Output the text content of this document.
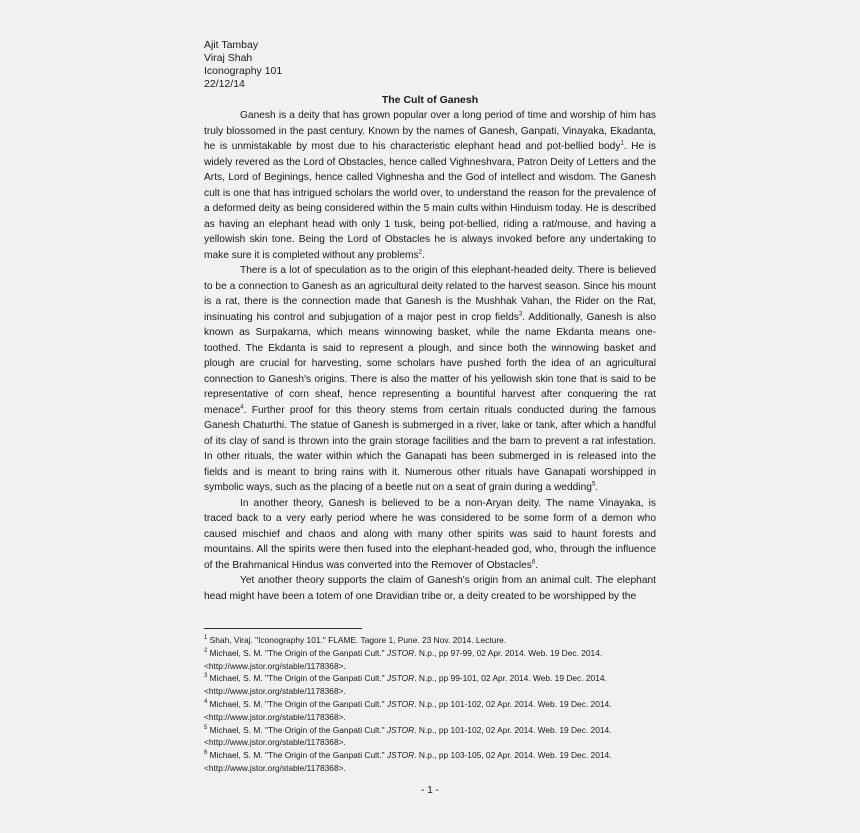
Ajit Tambay
Viraj Shah
Iconography 101
22/12/14
The Cult of Ganesh

Ganesh is a deity that has grown popular over a long period of time and worship of him has truly blossomed in the past century. Known by the names of Ganesh, Ganpati, Vinayaka, Ekadanta, he is unmistakable by most due to his characteristic elephant head and pot-bellied body$^1$. He is widely revered as the Lord of Obstacles, hence called Vighneshvara, Patron Deity of Letters and the Arts, Lord of Beginings, hence called Vighnesha and the God of intellect and wisdom. The Ganesh cult is one that has intrigued scholars the world over, to understand the reason for the prevalence of a deformed deity as being considered within the 5 main cults within Hinduism today. He is described as having an elephant head with only 1 tusk, being pot-bellied, riding a rat/mouse, and having a yellowish skin tone. Being the Lord of Obstacles he is always invoked before any undertaking to make sure it is completed without any problems$^2$.

There is a lot of speculation as to the origin of this elephant-headed deity. There is believed to be a connection to Ganesh as an agricultural deity related to the harvest season. Since his mount is a rat, there is the connection made that Ganesh is the Mushhak Vahan, the Rider on the Rat, insinuating his control and subjugation of a major pest in crop fields$^3$. Additionally, Ganesh is also known as Surpakarna, which means winnowing basket, while the name Ekdanta means one-toothed. The Ekdanta is said to represent a plough, and since both the winnowing basket and plough are crucial for harvesting, some scholars have pushed forth the idea of an agricultural connection to Ganesh's origins. There is also the matter of his yellowish skin tone that is said to be representative of corn sheaf, hence representing a bountiful harvest after conquering the rat menace$^4$. Further proof for this theory stems from certain rituals conducted during the famous Ganesh Chaturthi. The statue of Ganesh is submerged in a river, lake or tank, after which a handful of its clay of sand is thrown into the grain storage facilities and the barn to prevent a rat infestation. In other rituals, the water within which the Ganapati has been submerged in is released into the fields and is meant to bring rains with it. Numerous other rituals have Ganapati worshipped in symbolic ways, such as the placing of a beetle nut on a seat of grain during a wedding$^5$.

In another theory, Ganesh is believed to be a non-Aryan deity. The name Vinayaka, is traced back to a very early period where he was considered to be some form of a demon who caused mischief and chaos and along with many other spirits was said to haunt forests and mountains. All the spirits were then fused into the elephant-headed god, who, through the influence of the Brahmanical Hindus was converted into the Remover of Obstacles$^6$.

Yet another theory supports the claim of Ganesh's origin from an animal cult. The elephant head might have been a totem of one Dravidian tribe or, a deity created to be worshipped by the

$^1$ Shah, Viraj. "Iconography 101." FLAME. Tagore 1, Pune. 23 Nov. 2014. Lecture.
$^2$ Michael, S. M. "The Origin of the Ganpati Cult." JSTOR. N.p., pp 97-99, 02 Apr. 2014. Web. 19 Dec. 2014.
<http://www.jstor.org/stable/1178368>.
$^3$ Michael, S. M. "The Origin of the Ganpati Cult." JSTOR. N.p., pp 99-101, 02 Apr. 2014. Web. 19 Dec. 2014.
<http://www.jstor.org/stable/1178368>.
$^4$ Michael, S. M. "The Origin of the Ganpati Cult." JSTOR. N.p., pp 101-102, 02 Apr. 2014. Web. 19 Dec. 2014.
<http://www.jstor.org/stable/1178368>.
$^5$ Michael, S. M. "The Origin of the Ganpati Cult." JSTOR. N.p., pp 101-102, 02 Apr. 2014. Web. 19 Dec. 2014.
<http://www.jstor.org/stable/1178368>.
$^6$ Michael, S. M. "The Origin of the Ganpati Cult." JSTOR. N.p., pp 103-105, 02 Apr. 2014. Web. 19 Dec. 2014.
<http://www.jstor.org/stable/1178368>.
- 1 -
